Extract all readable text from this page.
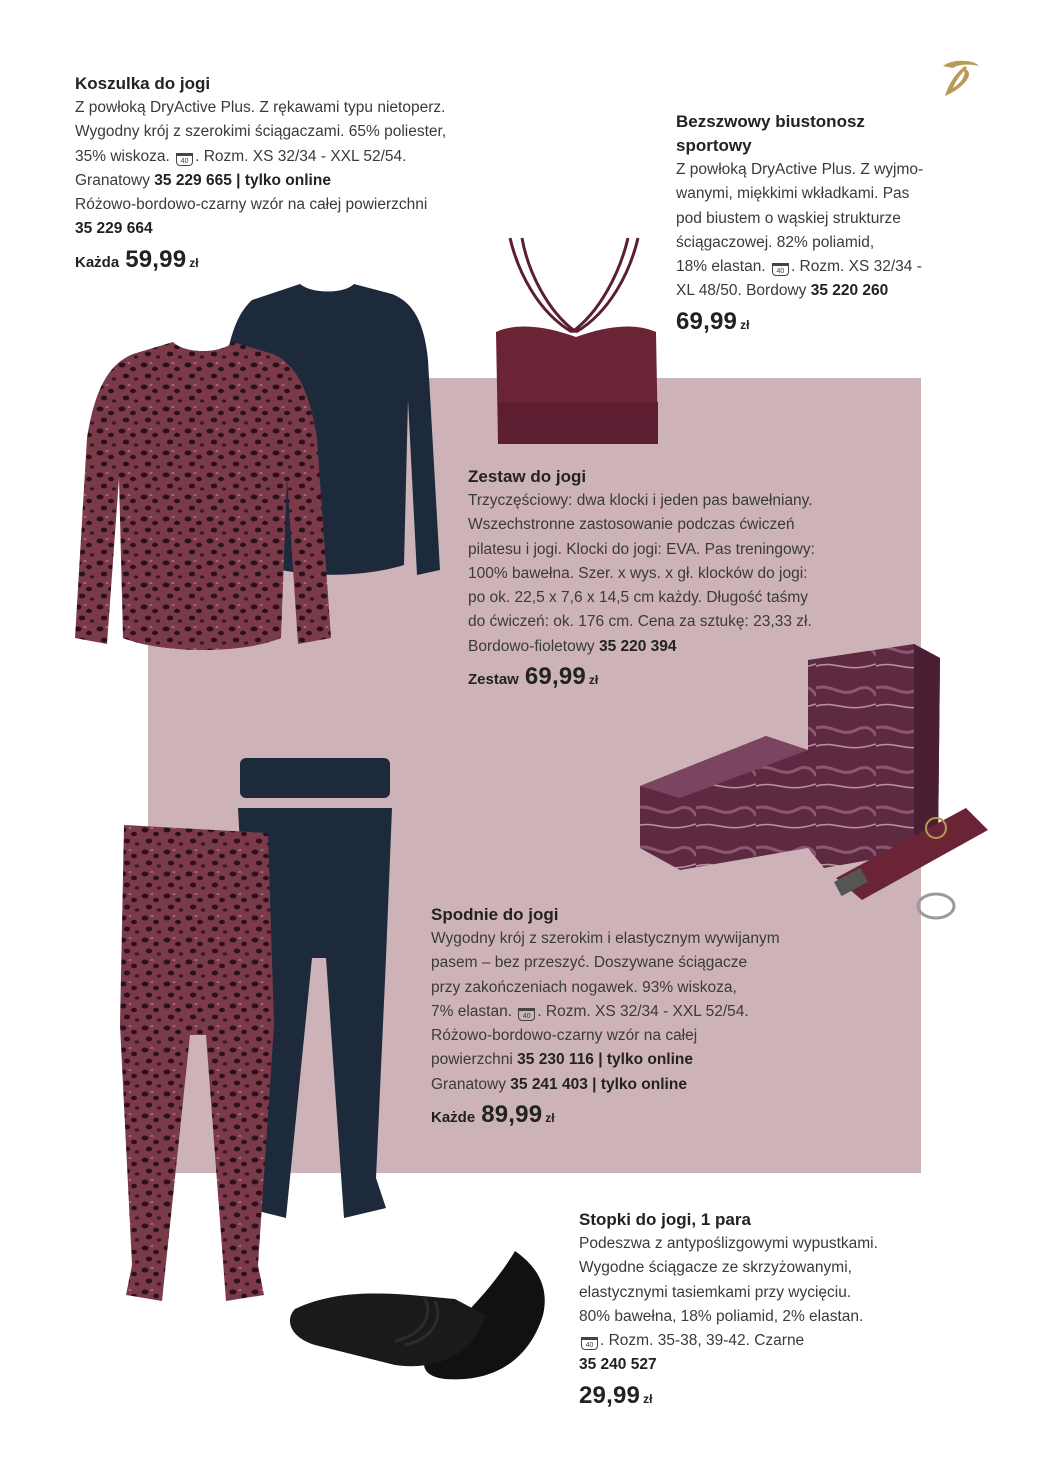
Koszulka do jogi
Z powłoką DryActive Plus. Z rękawami typu nietoperz.
Wygodny krój z szerokimi ściągaczami. 65% poliester,
35% wiskoza. 40 . Rozm. XS 32/34 - XXL 52/54.
Granatowy 35 229 665 | tylko online
Różowo-bordowo-czarny wzór na całej powierzchni
35 229 664
Każda 59,99 zł
Bezszwowy biustonosz
sportowy
Z powłoką DryActive Plus. Z wyjmo-
wanymi, miękkimi wkładkami. Pas
pod biustem o wąskiej strukturze
ściągaczowej. 82% poliamid,
18% elastan. 40 . Rozm. XS 32/34 -
XL 48/50. Bordowy 35 220 260
69,99 zł
Zestaw do jogi
Trzyczęściowy: dwa klocki i jeden pas bawełniany.
Wszechstronne zastosowanie podczas ćwiczeń
pilatesu i jogi. Klocki do jogi: EVA. Pas treningowy:
100% bawełna. Szer. x wys. x gł. klocków do jogi:
po ok. 22,5 x 7,6 x 14,5 cm każdy. Długość taśmy
do ćwiczeń: ok. 176 cm. Cena za sztukę: 23,33 zł.
Bordowo-fioletowy 35 220 394
Zestaw 69,99 zł
Spodnie do jogi
Wygodny krój z szerokim i elastycznym wywijanym
pasem – bez przeszyć. Doszywane ściągacze
przy zakończeniach nogawek. 93% wiskoza,
7% elastan. 40 . Rozm. XS 32/34 - XXL 52/54.
Różowo-bordowo-czarny wzór na całej
powierzchni 35 230 116 | tylko online
Granatowy 35 241 403 | tylko online
Każde 89,99 zł
Stopki do jogi, 1 para
Podeszwa z antypoślizgowymi wypustkami.
Wygodne ściągacze ze skrzyżowanymi,
elastycznymi tasiemkami przy wycięciu.
80% bawełna, 18% poliamid, 2% elastan.
40 . Rozm. 35-38, 39-42. Czarne
35 240 527
29,99 zł
